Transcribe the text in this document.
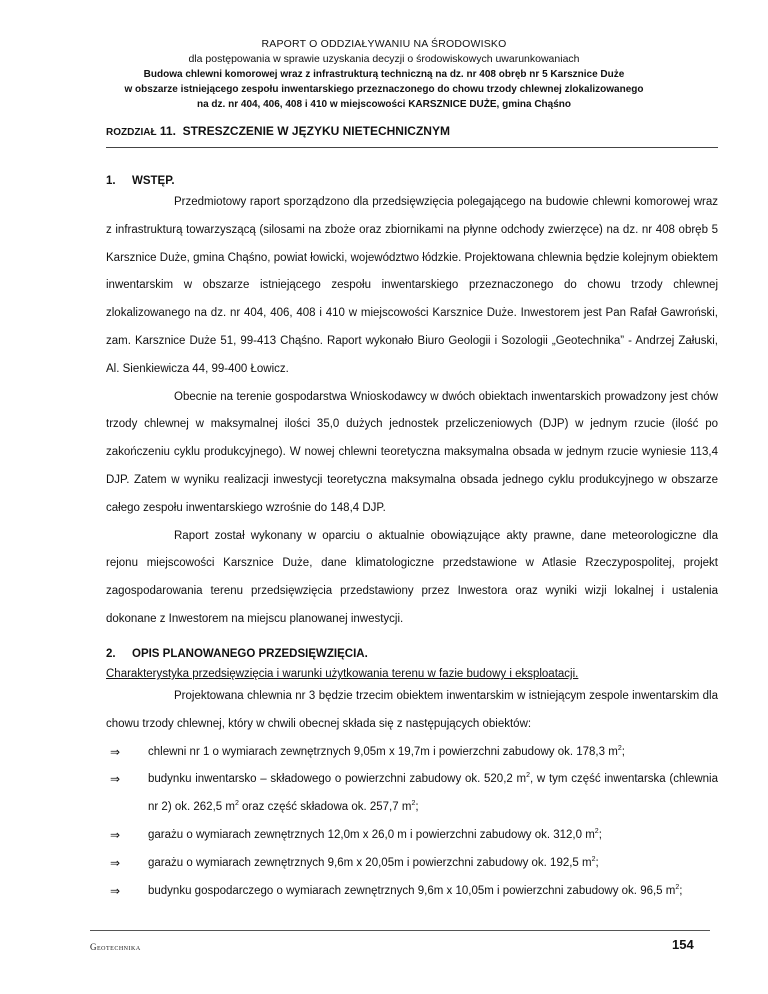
RAPORT O ODDZIAŁYWANIU NA ŚRODOWISKO
dla postępowania w sprawie uzyskania decyzji o środowiskowych uwarunkowaniach
Budowa chlewni komorowej wraz z infrastrukturą techniczną na dz. nr 408 obręb nr 5 Karsznice Duże
w obszarze istniejącego zespołu inwentarskiego przeznaczonego do chowu trzody chlewnej zlokalizowanego
na dz. nr 404, 406, 408 i 410 w miejscowości KARSZNICE DUŻE, gmina Chąśno
ROZDZIAŁ 11. STRESZCZENIE W JĘZYKU NIETECHNICZNYM
1. WSTĘP.

Przedmiotowy raport sporządzono dla przedsięwzięcia polegającego na budowie chlewni komorowej wraz z infrastrukturą towarzyszącą (silosami na zboże oraz zbiornikami na płynne odchody zwierzęce) na dz. nr 408 obręb 5 Karsznice Duże, gmina Chąśno, powiat łowicki, województwo łódzkie. Projektowana chlewnia będzie kolejnym obiektem inwentarskim w obszarze istniejącego zespołu inwentarskiego przeznaczonego do chowu trzody chlewnej zlokalizowanego na dz. nr 404, 406, 408 i 410 w miejscowości Karsznice Duże. Inwestorem jest Pan Rafał Gawroński, zam. Karsznice Duże 51, 99-413 Chąśno. Raport wykonało Biuro Geologii i Sozologii „Geotechnika” - Andrzej Załuski, Al. Sienkiewicza 44, 99-400 Łowicz.

Obecnie na terenie gospodarstwa Wnioskodawcy w dwóch obiektach inwentarskich prowadzony jest chów trzody chlewnej w maksymalnej ilości 35,0 dużych jednostek przeliczeniowych (DJP) w jednym rzucie (ilość po zakończeniu cyklu produkcyjnego). W nowej chlewni teoretyczna maksymalna obsada w jednym rzucie wyniesie 113,4 DJP. Zatem w wyniku realizacji inwestycji teoretyczna maksymalna obsada jednego cyklu produkcyjnego w obszarze całego zespołu inwentarskiego wzrośnie do 148,4 DJP.

Raport został wykonany w oparciu o aktualnie obowiązujące akty prawne, dane meteorologiczne dla rejonu miejscowości Karsznice Duże, dane klimatologiczne przedstawione w Atlasie Rzeczypospolitej, projekt zagospodarowania terenu przedsięwzięcia przedstawiony przez Inwestora oraz wyniki wizji lokalnej i ustalenia dokonane z Inwestorem na miejscu planowanej inwestycji.

2. OPIS PLANOWANEGO PRZEDSIĘWZIĘCIA.
Charakterystyka przedsięwzięcia i warunki użytkowania terenu w fazie budowy i eksploatacji.

Projektowana chlewnia nr 3 będzie trzecim obiektem inwentarskim w istniejącym zespole inwentarskim dla chowu trzody chlewnej, który w chwili obecnej składa się z następujących obiektów:

⇒ chlewni nr 1 o wymiarach zewnętrznych 9,05m x 19,7m i powierzchni zabudowy ok. 178,3 $m^2$;
⇒ budynku inwentarsko – składowego o powierzchni zabudowy ok. 520,2 $m^2$, w tym część inwentarska (chlewnia nr 2) ok. 262,5 $m^2$ oraz część składowa ok. 257,7 $m^2$;
⇒ garażu o wymiarach zewnętrznych 12,0m x 26,0 m i powierzchni zabudowy ok. 312,0 $m^2$;
⇒ garażu o wymiarach zewnętrznych 9,6m x 20,05m i powierzchni zabudowy ok. 192,5 $m^2$;
⇒ budynku gospodarczego o wymiarach zewnętrznych 9,6m x 10,05m i powierzchni zabudowy ok. 96,5 $m^2$;
Geotechnika	154
